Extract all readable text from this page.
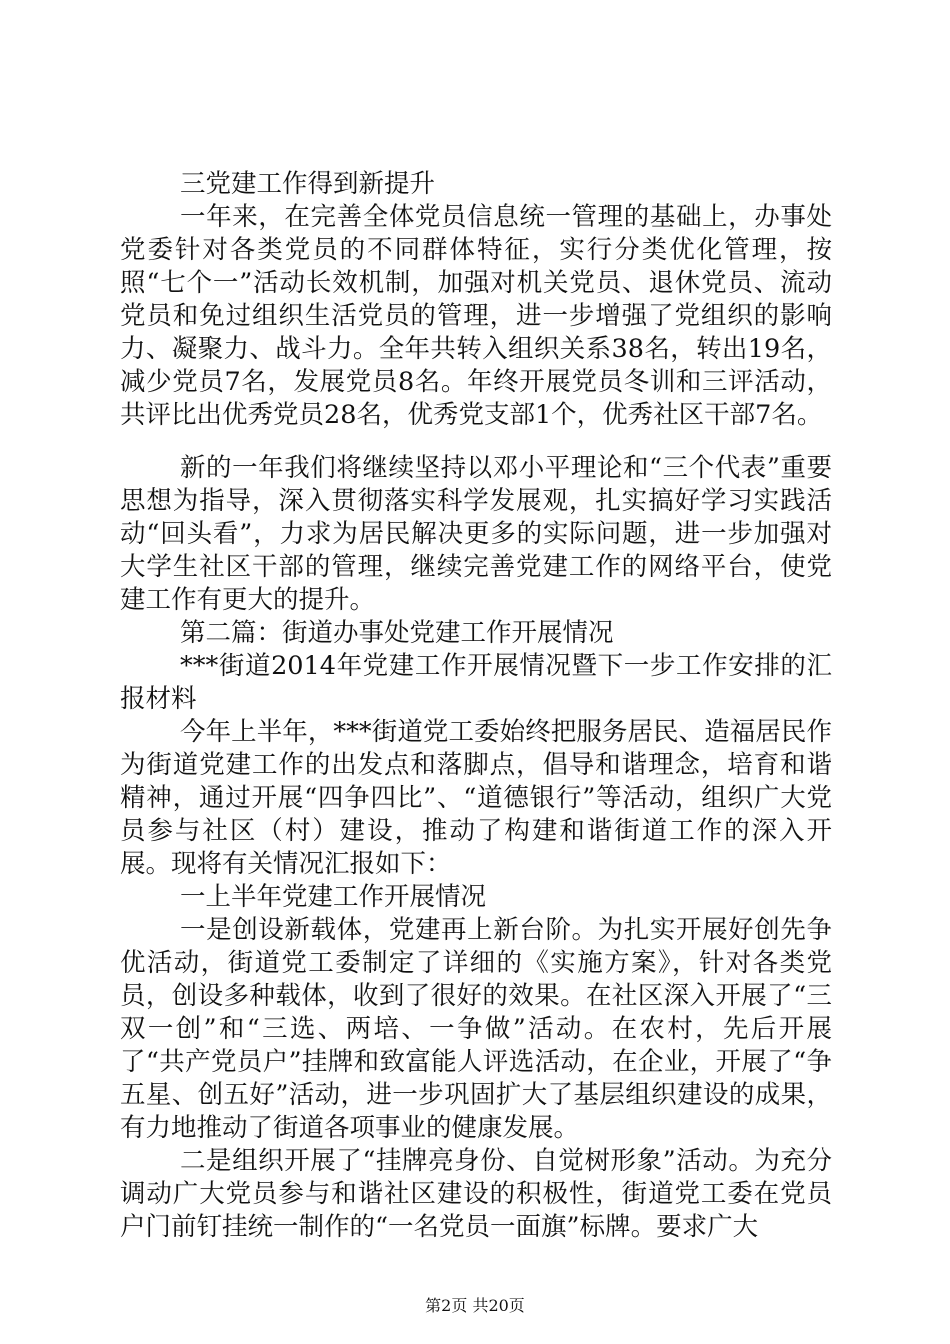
三党建工作得到新提升

一年来，在完善全体党员信息统一管理的基础上，办事处党委针对各类党员的不同群体特征，实行分类优化管理，按照“七个一”活动长效机制，加强对机关党员、退休党员、流动党员和免过组织生活党员的管理，进一步增强了党组织的影响力、凝聚力、战斗力。全年共转入组织关系38名，转出19名，减少党员7名，发展党员8名。年终开展党员冬训和三评活动，共评比出优秀党员28名，优秀党支部1个，优秀社区干部7名。

新的一年我们将继续坚持以邓小平理论和“三个代表”重要思想为指导，深入贯彻落实科学发展观，扎实搞好学习实践活动“回头看”，力求为居民解决更多的实际问题，进一步加强对大学生社区干部的管理，继续完善党建工作的网络平台，使党建工作有更大的提升。

第二篇：街道办事处党建工作开展情况

***街道2014年党建工作开展情况暨下一步工作安排的汇报材料

今年上半年，***街道党工委始终把服务居民、造福居民作为街道党建工作的出发点和落脚点，倡导和谐理念，培育和谐精神，通过开展“四争四比”、“道德银行”等活动，组织广大党员参与社区（村）建设，推动了构建和谐街道工作的深入开展。现将有关情况汇报如下：

一上半年党建工作开展情况

一是创设新载体，党建再上新台阶。为扎实开展好创先争优活动，街道党工委制定了详细的《实施方案》，针对各类党员，创设多种载体，收到了很好的效果。在社区深入开展了“三双一创”和“三选、两培、一争做”活动。在农村，先后开展了“共产党员户”挂牌和致富能人评选活动，在企业，开展了“争五星、创五好”活动，进一步巩固扩大了基层组织建设的成果，有力地推动了街道各项事业的健康发展。

二是组织开展了“挂牌亮身份、自觉树形象”活动。为充分调动广大党员参与和谐社区建设的积极性，街道党工委在党员户门前钉挂统一制作的“一名党员一面旗”标牌。要求广大

第2页 共20页
